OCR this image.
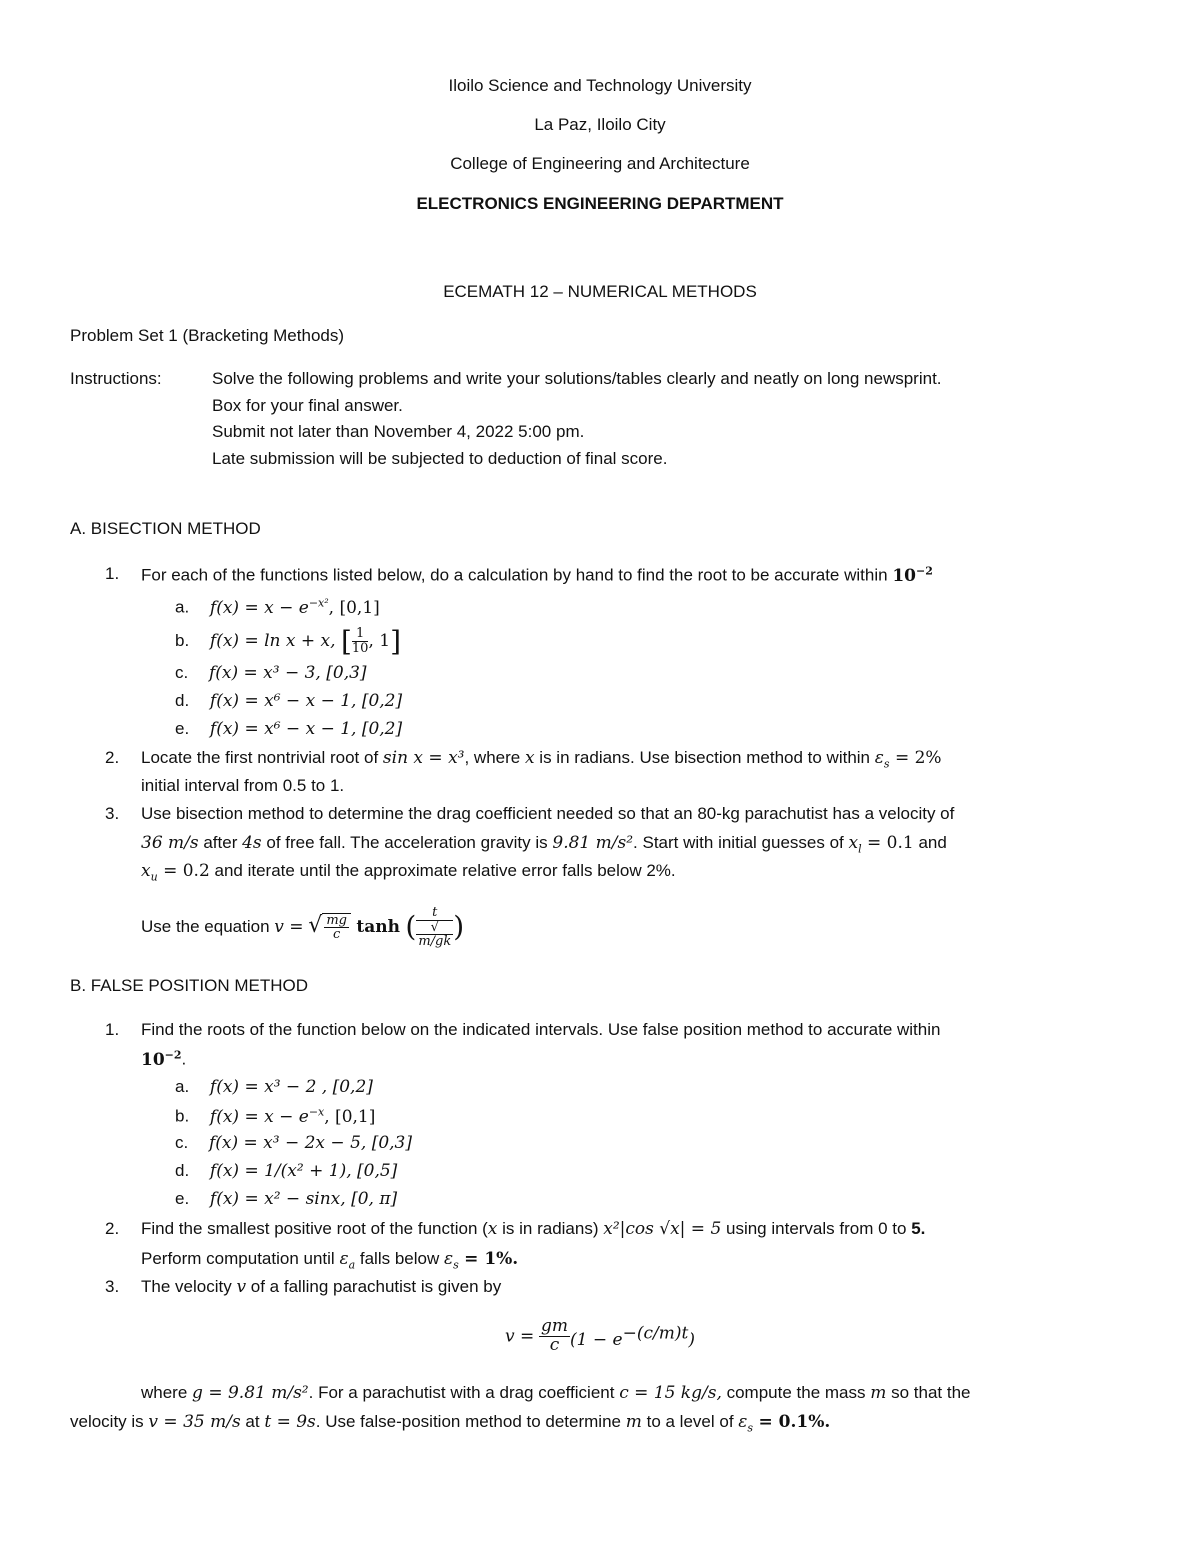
Iloilo Science and Technology University
La Paz, Iloilo City
College of Engineering and Architecture
ELECTRONICS ENGINEERING DEPARTMENT
ECEMATH 12 – NUMERICAL METHODS
Problem Set 1 (Bracketing Methods)
Instructions:	Solve the following problems and write your solutions/tables clearly and neatly on long newsprint.
Box for your final answer.
Submit not later than November 4, 2022 5:00 pm.
Late submission will be subjected to deduction of final score.
A. BISECTION METHOD
1. For each of the functions listed below, do a calculation by hand to find the root to be accurate within $10^{-2}$
a. $f(x) = x - e^{-x^2}$, [0,1]
b. f(x) = ln x + x, [ $\frac{1}{10}$ , 1]
c. f(x) = x³ − 3, [0,3]
d. f(x) = x⁶ − x − 1, [0,2]
e. f(x) = x⁶ − x − 1, [0,2]
2. Locate the first nontrivial root of sin x = x³, where x is in radians. Use bisection method to within $\varepsilon_s = 2\%$
initial interval from 0.5 to 1.
3. Use bisection method to determine the drag coefficient needed so that an 80-kg parachutist has a velocity of
36 m/s after 4s of free fall. The acceleration gravity is 9.81 m/s². Start with initial guesses of $x_l = 0.1$ and
$x_u = 0.2$ and iterate until the approximate relative error falls below 2%.
Use the equation v = √ $\frac{mg}{c}$ tanh ( t
√
m/gk )
B. FALSE POSITION METHOD
1. Find the roots of the function below on the indicated intervals. Use false position method to accurate within
$10^{-2}$.
a. f(x) = x³ − 2 , [0,2]
b. $f(x) = x - e^{-x}$, [0,1]
c. f(x) = x³ − 2x − 5, [0,3]
d. f(x) = 1/(x² + 1), [0,5]
e. f(x) = x² − sinx, [0, π]
2. Find the smallest positive root of the function (x is in radians) x²|cos √x| = 5 using intervals from 0 to 5.
Perform computation until $\varepsilon_a$ falls below $\varepsilon_s = 1\%$.
3. The velocity v of a falling parachutist is given by
$v = \frac{gm}{c} (1 - e^{-(c/m)t})$
where g = 9.81 m/s². For a parachutist with a drag coefficient c = 15 kg/s, compute the mass m so that the
velocity is v = 35 m/s at t = 9s. Use false-position method to determine m to a level of $\varepsilon_s = 0.1\%$.
